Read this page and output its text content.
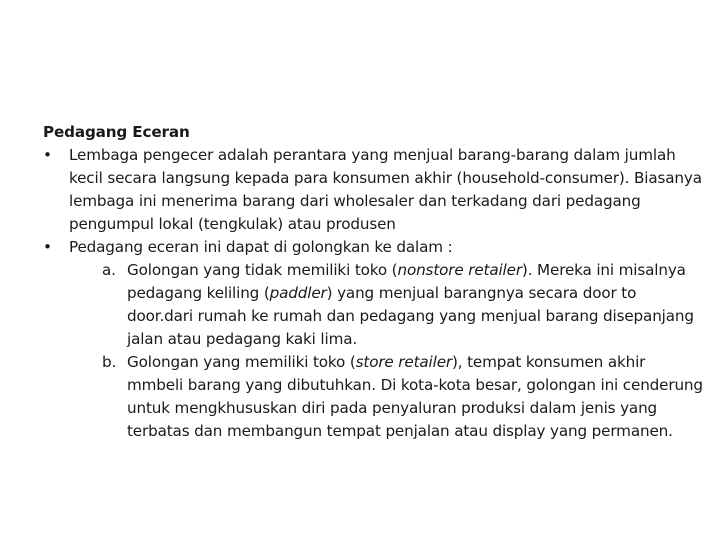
Pedagang Eceran

• Lembaga pengecer adalah perantara yang menjual barang-barang dalam jumlah kecil secara langsung kepada para konsumen akhir (household-consumer). Biasanya lembaga ini menerima barang dari wholesaler dan terkadang dari pedagang pengumpul lokal (tengkulak) atau produsen
• Pedagang eceran ini dapat di golongkan ke dalam :
a. Golongan yang tidak memiliki toko (nonstore retailer). Mereka ini misalnya pedagang keliling (paddler) yang menjual barangnya secara door to door.dari rumah ke rumah dan pedagang yang menjual barang disepanjang jalan atau pedagang kaki lima.
b. Golongan yang memiliki toko (store retailer), tempat konsumen akhir mmbeli barang yang dibutuhkan. Di kota-kota besar, golongan ini cenderung untuk mengkhususkan diri pada penyaluran produksi dalam jenis yang terbatas dan membangun tempat penjalan atau display yang permanen.
